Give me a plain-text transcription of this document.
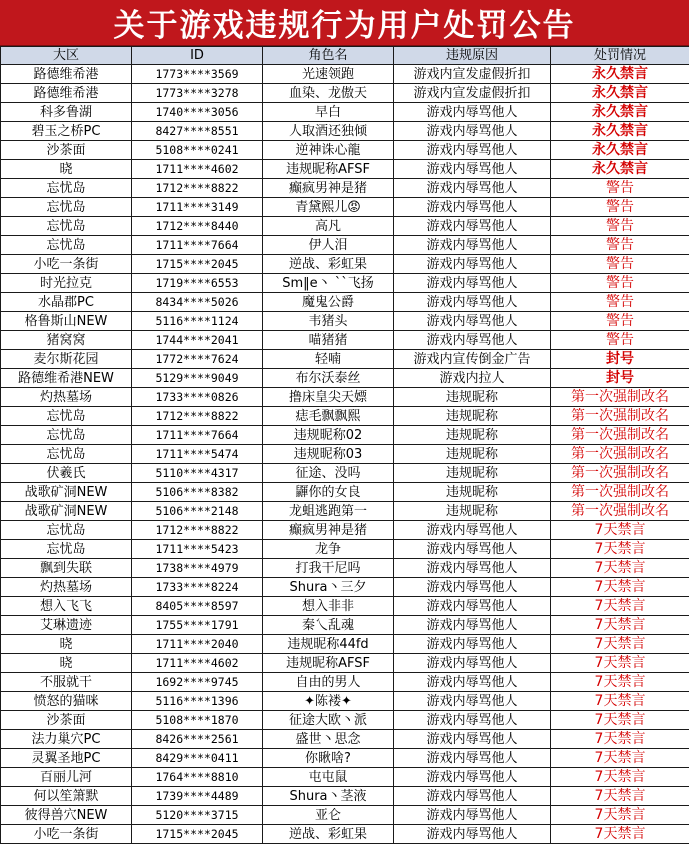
关于游戏违规行为用户处罚公告
大区	ID	角色名	违规原因	处罚情况
路德维希港	1773****3569	光速领跑	游戏内宣发虚假折扣	永久禁言
路德维希港	1773****3278	血染、龙傲天	游戏内宣发虚假折扣	永久禁言
科多鲁湖	1740****3056	早白	游戏内辱骂他人	永久禁言
碧玉之桥PC	8427****8551	人取酒还独倾	游戏内辱骂他人	永久禁言
沙茶面	5108****0241	逆神诛心龍	游戏内辱骂他人	永久禁言
晓	1711****4602	违规昵称AFSF	游戏内辱骂他人	永久禁言
忘忧岛	1712****8822	癫疯男神是猪	游戏内辱骂他人	警告
忘忧岛	1711****3149	青黛熙儿😡	游戏内辱骂他人	警告
忘忧岛	1712****8440	高凡	游戏内辱骂他人	警告
忘忧岛	1711****7664	伊人泪	游戏内辱骂他人	警告
小吃一条街	1715****2045	逆战、彩虹果	游戏内辱骂他人	警告
时光拉克	1719****6553	Sm‖e丶 ˋˋ飞扬	游戏内辱骂他人	警告
水晶郡PC	8434****5026	魔鬼公爵	游戏内辱骂他人	警告
格鲁斯山NEW	5116****1124	韦猪头	游戏内辱骂他人	警告
猪窝窝	1744****2041	喵猪猪	游戏内辱骂他人	警告
麦尔斯花园	1772****7624	轻喃	游戏内宣传倒金广告	封号
路德维希港NEW	5129****9049	布尔沃泰丝	游戏内拉人	封号
灼热墓场	1733****0826	撸床皇尖天嫖	违规昵称	第一次强制改名
忘忧岛	1712****8822	痣毛飘飘熙	违规昵称	第一次强制改名
忘忧岛	1711****7664	违规昵称02	违规昵称	第一次强制改名
忘忧岛	1711****5474	违规昵称03	违规昵称	第一次强制改名
伏羲氏	5110****4317	征途、没吗	违规昵称	第一次强制改名
战歌矿洞NEW	5106****8382	鼲你的女良	违规昵称	第一次强制改名
战歌矿洞NEW	5106****2148	龙蛆逃跑第一	违规昵称	第一次强制改名
忘忧岛	1712****8822	癫疯男神是猪	游戏内辱骂他人	7天禁言
忘忧岛	1711****5423	龙争	游戏内辱骂他人	7天禁言
飘到失联	1738****4979	打我干尼吗	游戏内辱骂他人	7天禁言
灼热墓场	1733****8224	Shura丶三夕	游戏内辱骂他人	7天禁言
想入飞飞	8405****8597	想入非非	游戏内辱骂他人	7天禁言
艾琳遗迹	1755****1791	秦乀乱魂	游戏内辱骂他人	7天禁言
晓	1711****2040	违规昵称44fd	游戏内辱骂他人	7天禁言
晓	1711****4602	违规昵称AFSF	游戏内辱骂他人	7天禁言
不服就干	1692****9745	自由的男人	游戏内辱骂他人	7天禁言
愤怒的猫咪	5116****1396	✦陈褛✦	游戏内辱骂他人	7天禁言
沙茶面	5108****1870	征途大欧丶派	游戏内辱骂他人	7天禁言
法力巢穴PC	8426****2561	盛世丶思念	游戏内辱骂他人	7天禁言
灵翼圣地PC	8429****0411	你瞅啥?	游戏内辱骂他人	7天禁言
百丽儿河	1764****8810	屯屯鼠	游戏内辱骂他人	7天禁言
何以笙箫默	1739****4489	Shura丶茎液	游戏内辱骂他人	7天禁言
彼得兽穴NEW	5120****3715	亚仑	游戏内辱骂他人	7天禁言
小吃一条街	1715****2045	逆战、彩虹果	游戏内辱骂他人	7天禁言
